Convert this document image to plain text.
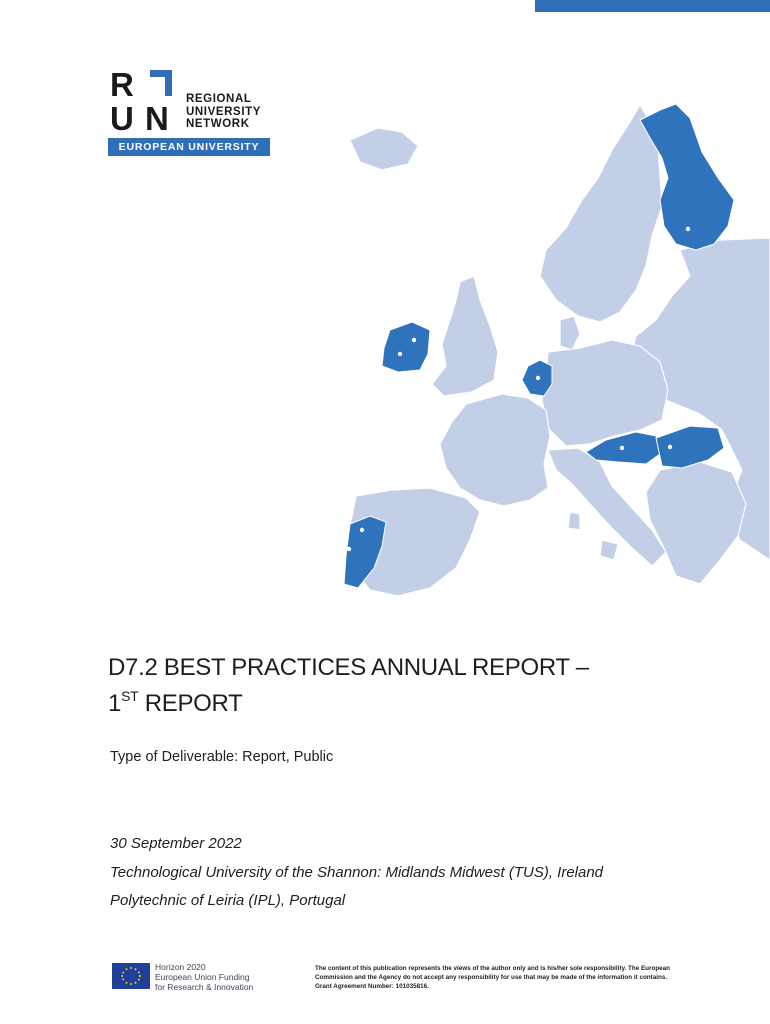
R
U N
REGIONAL
UNIVERSITY
NETWORK
EUROPEAN UNIVERSITY
D7.2 BEST PRACTICES ANNUAL REPORT –
1ST REPORT
Type of Deliverable: Report, Public
30 September 2022
Technological University of the Shannon: Midlands Midwest (TUS), Ireland
Polytechnic of Leiria (IPL), Portugal
Horizon 2020
European Union Funding
for Research & Innovation
The content of this publication represents the views of the author only and is his/her sole responsibility. The European
Commission and the Agency do not accept any responsibility for use that may be made of the information it contains.
Grant Agreement Number: 101035816.
